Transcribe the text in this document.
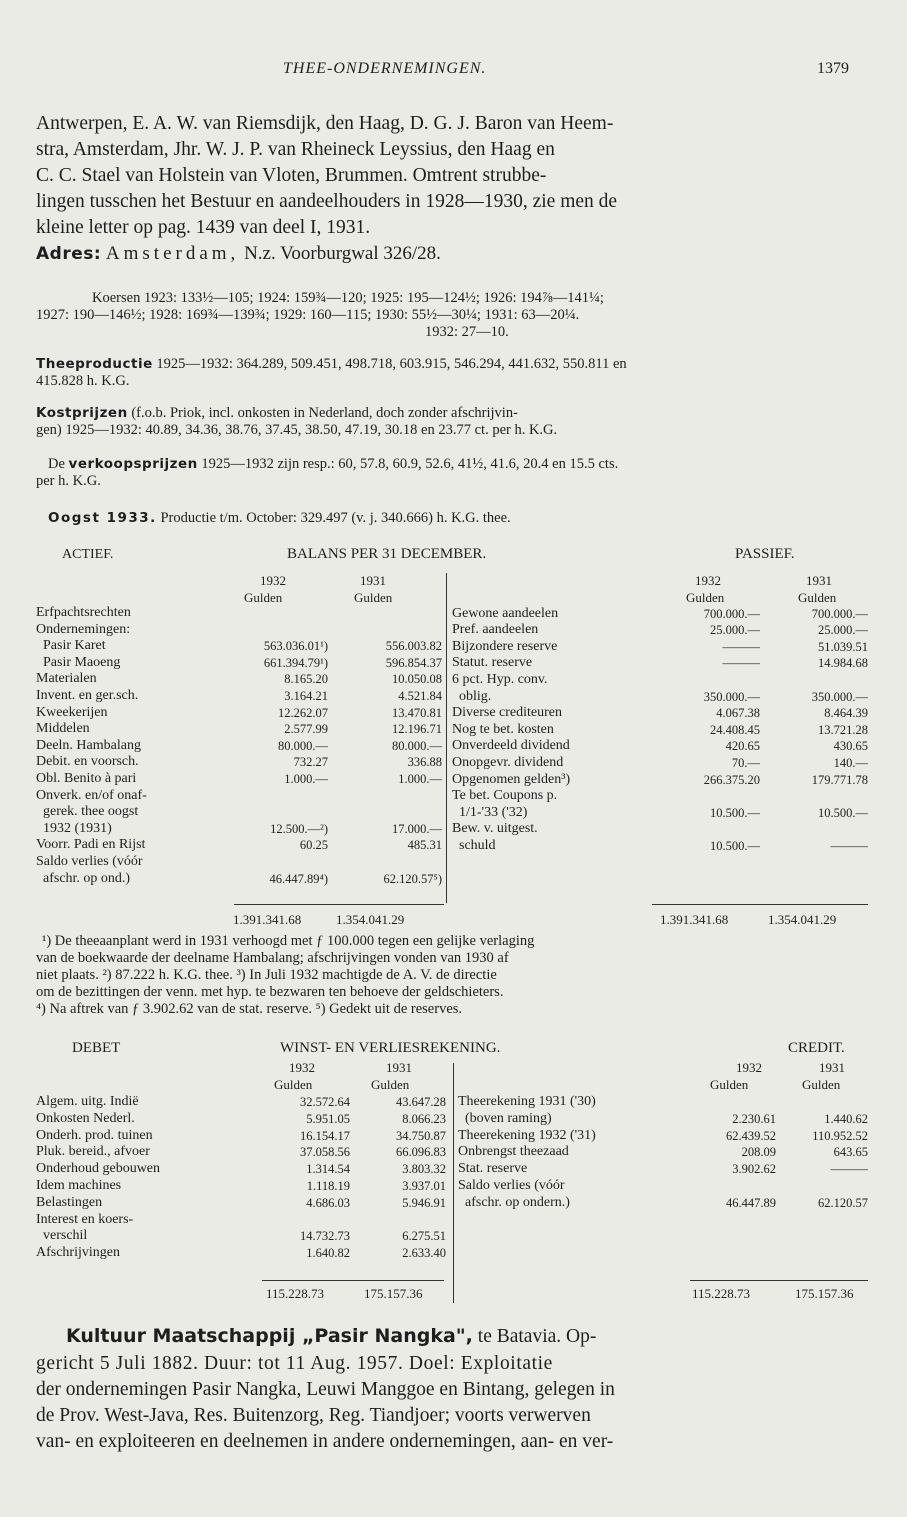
THEE-ONDERNEMINGEN.	1379
Antwerpen, E. A. W. van Riemsdijk, den Haag, D. G. J. Baron van Heem-
stra, Amsterdam, Jhr. W. J. P. van Rheineck Leyssius, den Haag en
C. C. Stael van Holstein van Vloten, Brummen. Omtrent strubbe-
lingen tusschen het Bestuur en aandeelhouders in 1928—1930, zie men de
kleine letter op pag. 1439 van deel I, 1931.
Adres: Amsterdam, N.z. Voorburgwal 326/28.
Koersen 1923: 133½—105; 1924: 159¾—120; 1925: 195—124½; 1926: 194⅞—141¼;
1927: 190—146½; 1928: 169¾—139¾; 1929: 160—115; 1930: 55½—30¼; 1931: 63—20¼.
1932: 27—10.
Theeproductie 1925—1932: 364.289, 509.451, 498.718, 603.915, 546.294, 441.632, 550.811 en
415.828 h. K.G.
Kostprijzen (f.o.b. Priok, incl. onkosten in Nederland, doch zonder afschrijvin-
gen) 1925—1932: 40.89, 34.36, 38.76, 37.45, 38.50, 47.19, 30.18 en 23.77 ct. per h. K.G.
De verkoopsprijzen 1925—1932 zijn resp.: 60, 57.8, 60.9, 52.6, 41½, 41.6, 20.4 en 15.5 cts.
per h. K.G.
Oogst 1933. Productie t/m. October: 329.497 (v. j. 340.666) h. K.G. thee.
ACTIEF.	BALANS PER 31 DECEMBER.	PASSIEF.
1932	1931
Gulden	Gulden
1932	1931
Gulden	Gulden
Erfpachtsrechten		
Ondernemingen:		
Pasir Karet	563.036.01¹)	556.003.82
Pasir Maoeng	661.394.79¹)	596.854.37
Materialen	8.165.20	10.050.08
Invent. en ger.sch.	3.164.21	4.521.84
Kweekerijen	12.262.07	13.470.81
Middelen	2.577.99	12.196.71
Deeln. Hambalang	80.000.—	80.000.—
Debit. en voorsch.	732.27	336.88
Obl. Benito à pari	1.000.—	1.000.—
Onverk. en/of onaf-		
gerek. thee oogst		
1932 (1931)	12.500.—²)	17.000.—
Voorr. Padi en Rijst	60.25	485.31
Saldo verlies (vóór		
afschr. op ond.)	46.447.89⁴)	62.120.57⁵)

Gewone aandeelen	700.000.—	700.000.—
Pref. aandeelen	25.000.—	25.000.—
Bijzondere reserve	———	51.039.51
Statut. reserve	———	14.984.68
6 pct. Hyp. conv.		
oblig.	350.000.—	350.000.—
Diverse crediteuren	4.067.38	8.464.39
Nog te bet. kosten	24.408.45	13.721.28
Onverdeeld dividend	420.65	430.65
Onopgevr. dividend	70.—	140.—
Opgenomen gelden³)	266.375.20	179.771.78
Te bet. Coupons p.		
1/1-'33 ('32)	10.500.—	10.500.—
Bew. v. uitgest.		
schuld	10.500.—	———
1.391.341.68	1.354.041.29	1.391.341.68	1.354.041.29
¹) De theeaanplant werd in 1931 verhoogd met ƒ 100.000 tegen een gelijke verlaging
van de boekwaarde der deelname Hambalang; afschrijvingen vonden van 1930 af
niet plaats. ²) 87.222 h. K.G. thee. ³) In Juli 1932 machtigde de A. V. de directie
om de bezittingen der venn. met hyp. te bezwaren ten behoeve der geldschieters.
⁴) Na aftrek van ƒ 3.902.62 van de stat. reserve. ⁵) Gedekt uit de reserves.
DEBET	WINST- EN VERLIESREKENING.	CREDIT.
1932	1931
Gulden	Gulden
1932	1931
Gulden	Gulden
Algem. uitg. Indië	32.572.64	43.647.28
Onkosten Nederl.	5.951.05	8.066.23
Onderh. prod. tuinen	16.154.17	34.750.87
Pluk. bereid., afvoer	37.058.56	66.096.83
Onderhoud gebouwen	1.314.54	3.803.32
Idem machines	1.118.19	3.937.01
Belastingen	4.686.03	5.946.91
Interest en koers-		
verschil	14.732.73	6.275.51
Afschrijvingen	1.640.82	2.633.40
Theerekening 1931 ('30)		
(boven raming)	2.230.61	1.440.62
Theerekening 1932 ('31)	62.439.52	110.952.52
Onbrengst theezaad	208.09	643.65
Stat. reserve	3.902.62	———
Saldo verlies (vóór		
afschr. op ondern.)	46.447.89	62.120.57
115.228.73	175.157.36	115.228.73	175.157.36
Kultuur Maatschappij „Pasir Nangka", te Batavia. Op-
gericht 5 Juli 1882. Duur: tot 11 Aug. 1957. Doel: Exploitatie
der ondernemingen Pasir Nangka, Leuwi Manggoe en Bintang, gelegen in
de Prov. West-Java, Res. Buitenzorg, Reg. Tiandjoer; voorts verwerven
van- en exploiteeren en deelnemen in andere ondernemingen, aan- en ver-
